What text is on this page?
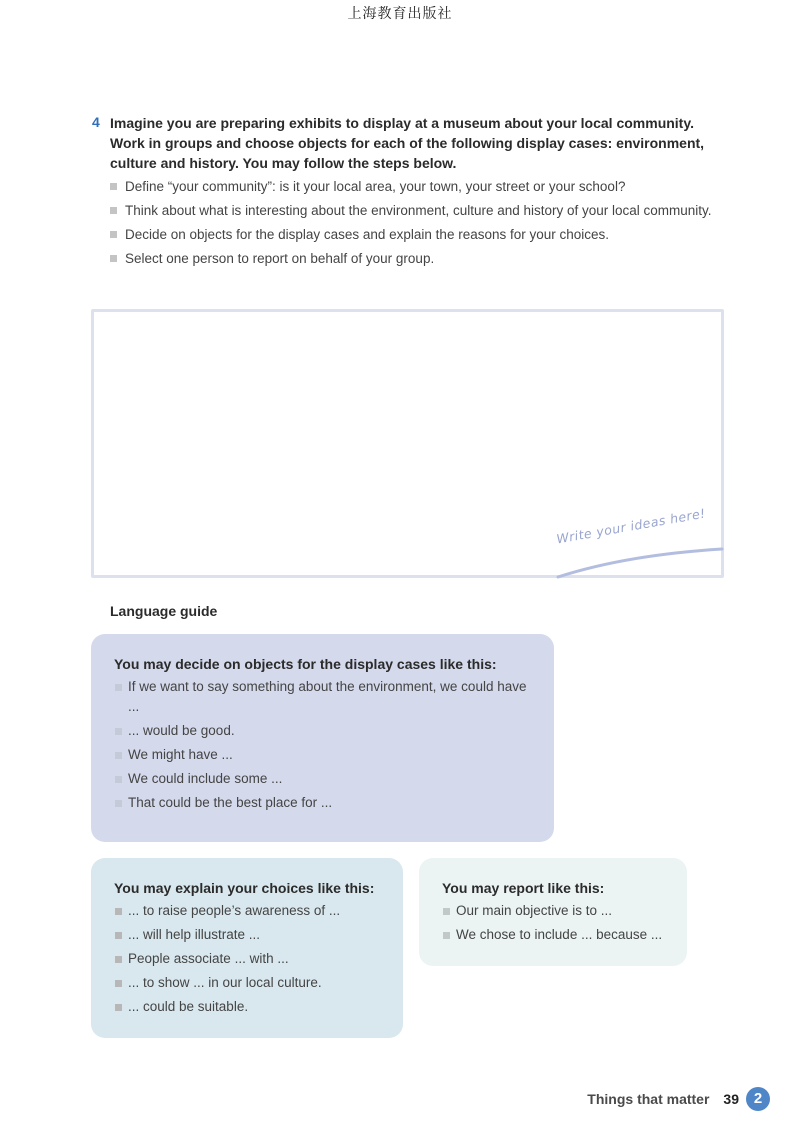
上海教育出版社
4 Imagine you are preparing exhibits to display at a museum about your local community. Work in groups and choose objects for each of the following display cases: environment, culture and history. You may follow the steps below.
Define “your community”: is it your local area, your town, your street or your school?
Think about what is interesting about the environment, culture and history of your local community.
Decide on objects for the display cases and explain the reasons for your choices.
Select one person to report on behalf of your group.
Write your ideas here!
Language guide
You may decide on objects for the display cases like this:
If we want to say something about the environment, we could have ...
... would be good.
We might have ...
We could include some ...
That could be the best place for ...
You may explain your choices like this:
... to raise people’s awareness of ...
... will help illustrate ...
People associate ... with ...
... to show ... in our local culture.
... could be suitable.
You may report like this:
Our main objective is to ...
We chose to include ... because ...
Things that matter 39 2
